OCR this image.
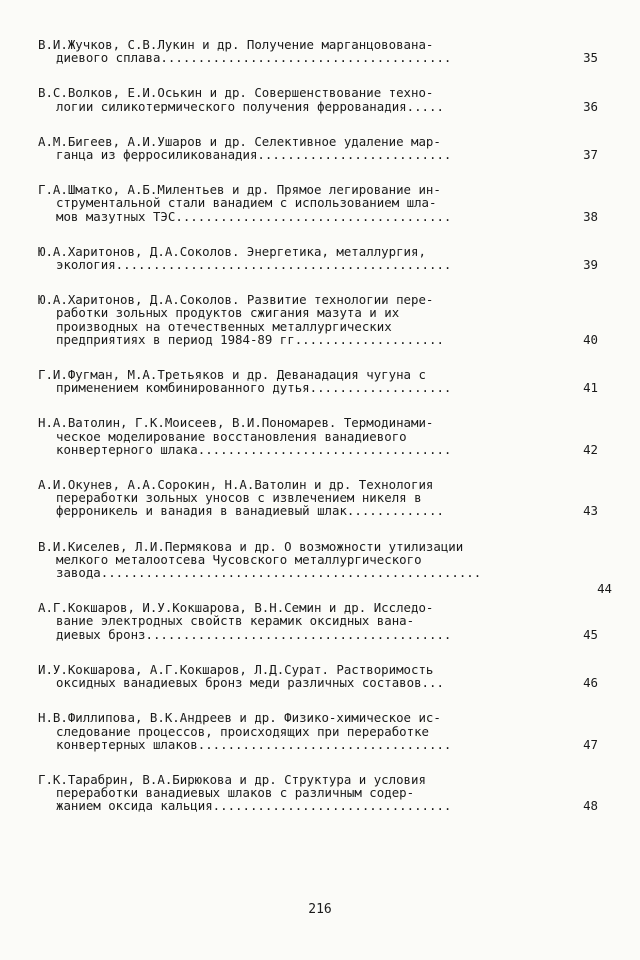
В.И.Жучков, С.В.Лукин и др. Получение марганцовована-
диевого сплава.......................................	35
В.С.Волков, Е.И.Оськин и др. Совершенствование техно-
логии силикотермического получения феррованадия.....	36
А.М.Бигеев, А.И.Ушаров и др. Селективное удаление мар-
ганца из ферросиликованадия..........................	37
Г.А.Шматко, А.Б.Милентьев и др. Прямое легирование ин-
струментальной стали ванадием с использованием шла-
мов мазутных ТЭС.....................................	38
Ю.А.Харитонов, Д.А.Соколов. Энергетика, металлургия,
экология.............................................	39
Ю.А.Харитонов, Д.А.Соколов. Развитие технологии пере-
работки зольных продуктов сжигания мазута и их
производных на отечественных металлургических
предприятиях в период 1984-89 гг....................	40
Г.И.Фугман, М.А.Третьяков и др. Деванадация чугуна с
применением комбинированного дутья...................	41
Н.А.Ватолин, Г.К.Моисеев, В.И.Пономарев. Термодинами-
ческое моделирование восстановления ванадиевого
конвертерного шлака..................................	42
А.И.Окунев, А.А.Сорокин, Н.А.Ватолин и др. Технология
переработки зольных уносов с извлечением никеля в
ферроникель и ванадия в ванадиевый шлак.............	43
В.И.Киселев, Л.И.Пермякова и др. О возможности утилизации
мелкого металоотсева Чусовского металлургического
завода...................................................
44
А.Г.Кокшаров, И.У.Кокшарова, В.Н.Семин и др. Исследо-
вание электродных свойств керамик оксидных вана-
диевых бронз.........................................	45
И.У.Кокшарова, А.Г.Кокшаров, Л.Д.Сурат. Растворимость
оксидных ванадиевых бронз меди различных составов...	46
Н.В.Филлипова, В.К.Андреев и др. Физико-химическое ис-
следование процессов, происходящих при переработке
конвертерных шлаков..................................	47
Г.К.Тарабрин, В.А.Бирюкова и др. Структура и условия
переработки ванадиевых шлаков с различным содер-
жанием оксида кальция................................	48
216
